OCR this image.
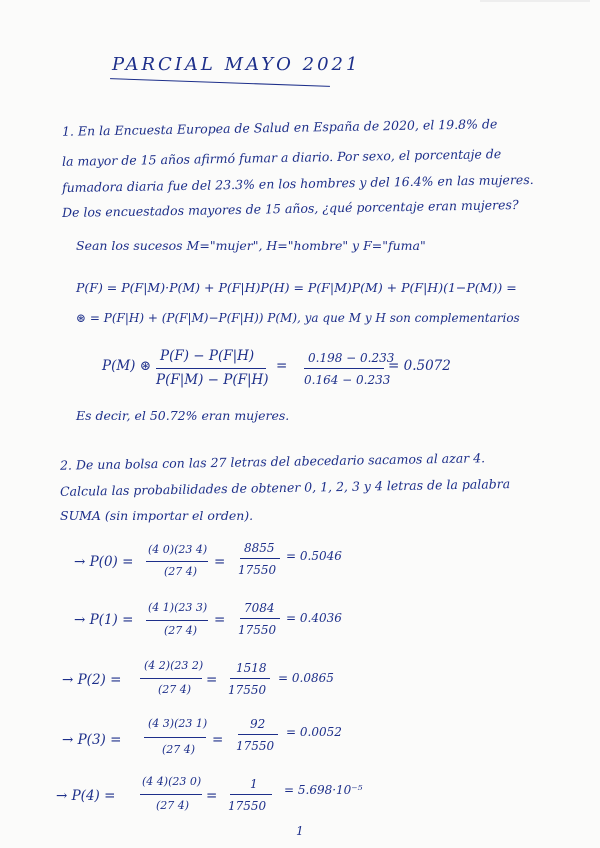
PARCIAL MAYO 2021
1. En la Encuesta Europea de Salud en España de 2020, el 19.8% de
la mayor de 15 años afirmó fumar a diario. Por sexo, el porcentaje de
fumadora diaria fue del 23.3% en los hombres y del 16.4% en las mujeres.
De los encuestados mayores de 15 años, ¿qué porcentaje eran mujeres?
Sean los sucesos M="mujer", H="hombre" y F="fuma"
P(F) = P(F|M)·P(M) + P(F|H)P(H) = P(F|M)P(M) + P(F|H)(1−P(M)) =
⊛ = P(F|H) + (P(F|M)−P(F|H)) P(M), ya que M y H son complementarios
P(M) ⊛
P(F) − P(F|H)
P(F|M) − P(F|H)
= 0.198 − 0.233
0.164 − 0.233
= 0.5072
Es decir, el 50.72% eran mujeres.
2. De una bolsa con las 27 letras del abecedario sacamos al azar 4.
Calcula las probabilidades de obtener 0, 1, 2, 3 y 4 letras de la palabra
SUMA (sin importar el orden).
→ P(0) =
(4 0)(23 4)
(27 4)
=
8855
17550
= 0.5046
→ P(1) =
(4 1)(23 3)
(27 4)
=
7084
17550
= 0.4036
→ P(2) =
(4 2)(23 2)
(27 4)
=
1518
17550
= 0.0865
→ P(3) =
(4 3)(23 1)
(27 4)
=
92
17550
= 0.0052
→ P(4) =
(4 4)(23 0)
(27 4)
=
1
17550
= 5.698·10⁻⁵
1
